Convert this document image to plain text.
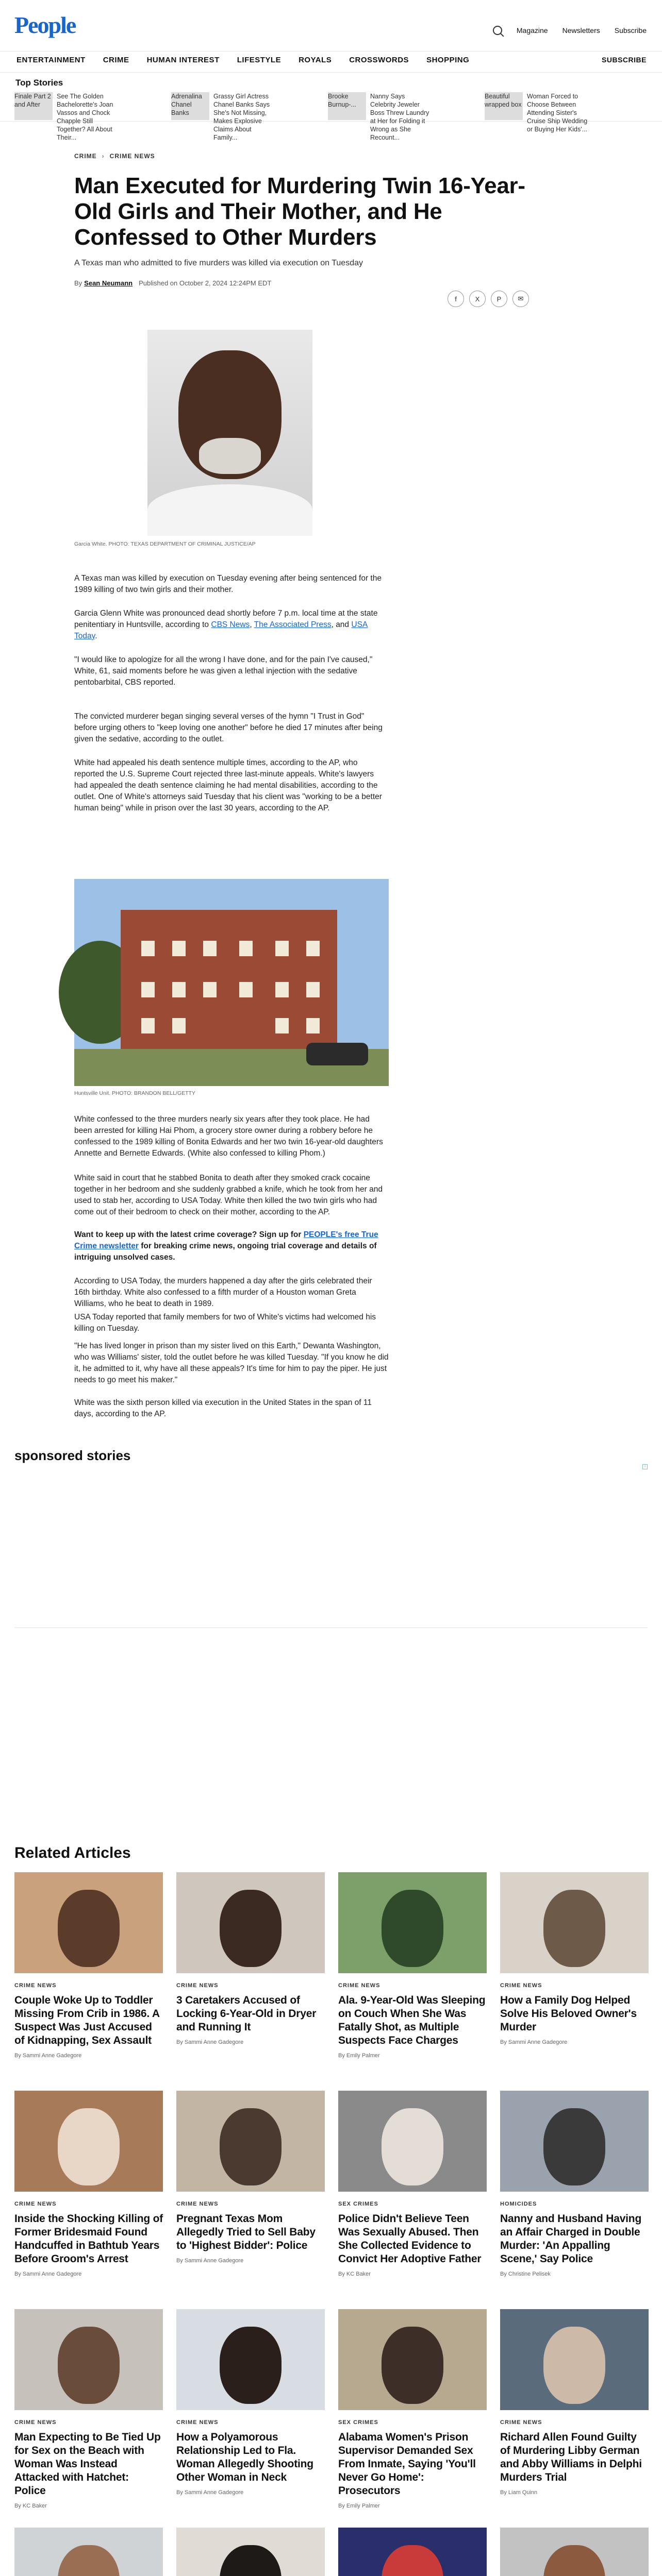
People	Magazine Newsletters Subscribe
ENTERTAINMENT CRIME HUMAN INTEREST LIFESTYLE ROYALS CROSSWORDS SHOPPING	SUBSCRIBE
Top Stories
Finale Part 2 and After
See The Golden Bachelorette's Joan Vassos and Chock Chapple Still Together? All About Their...
Adrenalina Chanel Banks
Grassy Girl Actress Chanel Banks Says She's Not Missing, Makes Explosive Claims About Family...
Brooke Burnup-...
Nanny Says Celebrity Jeweler Boss Threw Laundry at Her for Folding it Wrong as She Recount...
Beautiful wrapped box
Woman Forced to Choose Between Attending Sister's Cruise Ship Wedding or Buying Her Kids'...
CRIME› CRIME NEWS
Man Executed for Murdering Twin 16-Year-Old Girls and Their Mother, and He Confessed to Other Murders
A Texas man who admitted to five murders was killed via execution on Tuesday
By Sean Neumann Published on October 2, 2024 12:24PM EDT
f	X	P	✉
Garcia White. PHOTO: TEXAS DEPARTMENT OF CRIMINAL JUSTICE/AP

A Texas man was killed by execution on Tuesday evening after being sentenced for the 1989 killing of two twin girls and their mother.

Garcia Glenn White was pronounced dead shortly before 7 p.m. local time at the state penitentiary in Huntsville, according to CBS News, The Associated Press, and USA Today.

"I would like to apologize for all the wrong I have done, and for the pain I've caused," White, 61, said moments before he was given a lethal injection with the sedative pentobarbital, CBS reported.

The convicted murderer began singing several verses of the hymn "I Trust in God" before urging others to "keep loving one another" before he died 17 minutes after being given the sedative, according to the outlet.

White had appealed his death sentence multiple times, according to the AP, who reported the U.S. Supreme Court rejected three last-minute appeals. White's lawyers had appealed the death sentence claiming he had mental disabilities, according to the outlet. One of White's attorneys said Tuesday that his client was "working to be a better human being" while in prison over the last 30 years, according to the AP.

Huntsville Unit. PHOTO: BRANDON BELL/GETTY

White confessed to the three murders nearly six years after they took place. He had been arrested for killing Hai Phom, a grocery store owner during a robbery before he confessed to the 1989 killing of Bonita Edwards and her two twin 16-year-old daughters Annette and Bernette Edwards. (White also confessed to killing Phom.)

White said in court that he stabbed Bonita to death after they smoked crack cocaine together in her bedroom and she suddenly grabbed a knife, which he took from her and used to stab her, according to USA Today. White then killed the two twin girls who had come out of their bedroom to check on their mother, according to the AP.

Want to keep up with the latest crime coverage? Sign up for PEOPLE's free True Crime newsletter for breaking crime news, ongoing trial coverage and details of intriguing unsolved cases.

According to USA Today, the murders happened a day after the girls celebrated their 16th birthday. White also confessed to a fifth murder of a Houston woman Greta Williams, who he beat to death in 1989.

USA Today reported that family members for two of White's victims had welcomed his killing on Tuesday.

"He has lived longer in prison than my sister lived on this Earth," Dewanta Washington, who was Williams' sister, told the outlet before he was killed Tuesday. "If you know he did it, he admitted to it, why have all these appeals? It's time for him to pay the piper. He just needs to go meet his maker."

White was the sixth person killed via execution in the United States in the span of 11 days, according to the AP.

sponsored stories
i
Related Articles
CRIME NEWS
Couple Woke Up to Toddler Missing From Crib in 1986. A Suspect Was Just Accused of Kidnapping, Sex Assault
By Sammi Anne Gadegore
CRIME NEWS
3 Caretakers Accused of Locking 6-Year-Old in Dryer and Running It
By Sammi Anne Gadegore
CRIME NEWS
Ala. 9-Year-Old Was Sleeping on Couch When She Was Fatally Shot, as Multiple Suspects Face Charges
By Emily Palmer
CRIME NEWS
How a Family Dog Helped Solve His Beloved Owner's Murder
By Sammi Anne Gadegore
CRIME NEWS
Inside the Shocking Killing of Former Bridesmaid Found Handcuffed in Bathtub Years Before Groom's Arrest
By Sammi Anne Gadegore
CRIME NEWS
Pregnant Texas Mom Allegedly Tried to Sell Baby to 'Highest Bidder': Police
By Sammi Anne Gadegore
SEX CRIMES
Police Didn't Believe Teen Was Sexually Abused. Then She Collected Evidence to Convict Her Adoptive Father
By KC Baker
HOMICIDES
Nanny and Husband Having an Affair Charged in Double Murder: 'An Appalling Scene,' Say Police
By Christine Pelisek
CRIME NEWS
Man Expecting to Be Tied Up for Sex on the Beach with Woman Was Instead Attacked with Hatchet: Police
By KC Baker
CRIME NEWS
How a Polyamorous Relationship Led to Fla. Woman Allegedly Shooting Other Woman in Neck
By Sammi Anne Gadegore
SEX CRIMES
Alabama Women's Prison Supervisor Demanded Sex From Inmate, Saying 'You'll Never Go Home': Prosecutors
By Emily Palmer
CRIME NEWS
Richard Allen Found Guilty of Murdering Libby German and Abby Williams in Delphi Murders Trial
By Liam Quinn
